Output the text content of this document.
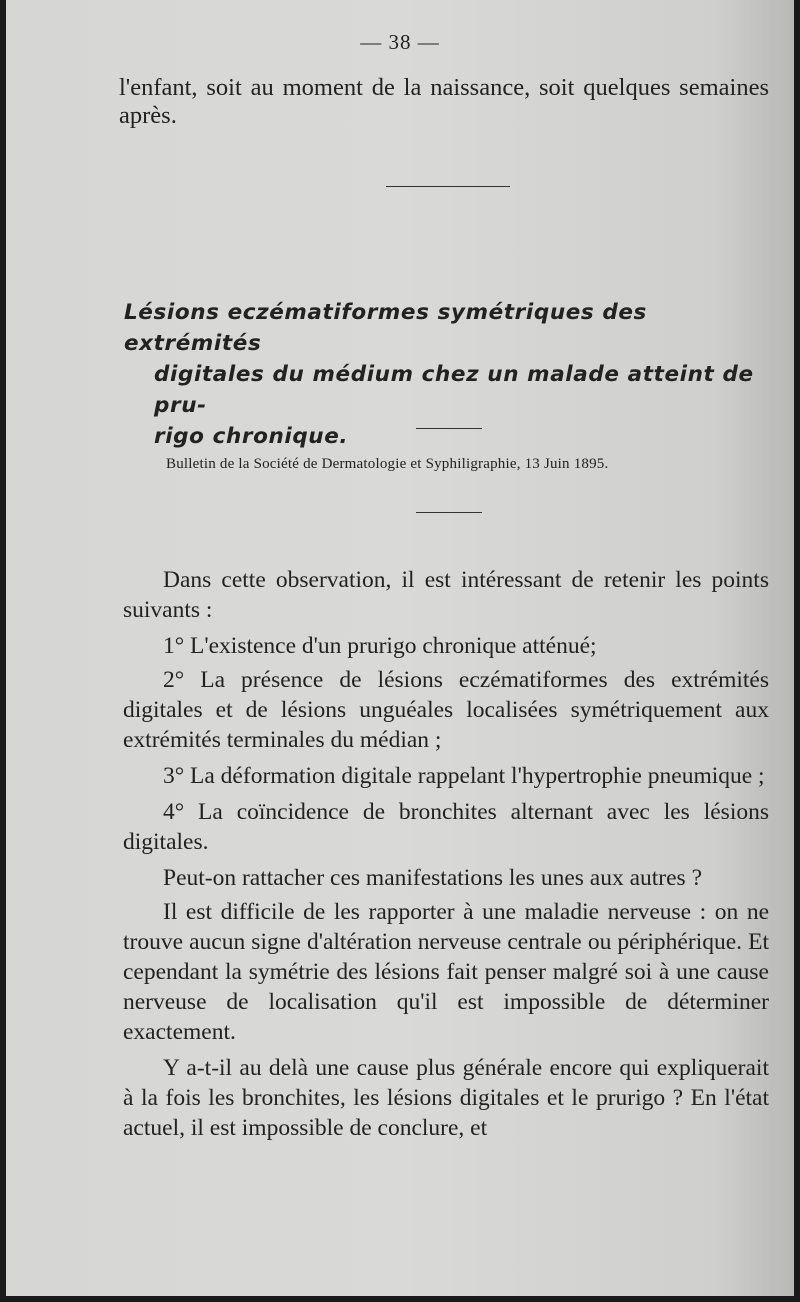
— 38 —

l'enfant, soit au moment de la naissance, soit quelques semaines après.

Lésions eczématiformes symétriques des extrémités
digitales du médium chez un malade atteint de pru-
rigo chronique.
Bulletin de la Société de Dermatologie et Syphiligraphie, 13 Juin 1895.

Dans cette observation, il est intéressant de retenir les points suivants :

1° L'existence d'un prurigo chronique atténué;

2° La présence de lésions eczématiformes des extrémités digitales et de lésions unguéales localisées symétriquement aux extrémités terminales du médian ;

3° La déformation digitale rappelant l'hypertrophie pneumique ;

4° La coïncidence de bronchites alternant avec les lésions digitales.

Peut-on rattacher ces manifestations les unes aux autres ?

Il est difficile de les rapporter à une maladie nerveuse : on ne trouve aucun signe d'altération nerveuse centrale ou périphérique. Et cependant la symétrie des lésions fait penser malgré soi à une cause nerveuse de localisation qu'il est impossible de déterminer exactement.

Y a-t-il au delà une cause plus générale encore qui expliquerait à la fois les bronchites, les lésions digitales et le prurigo ? En l'état actuel, il est impossible de conclure, et
